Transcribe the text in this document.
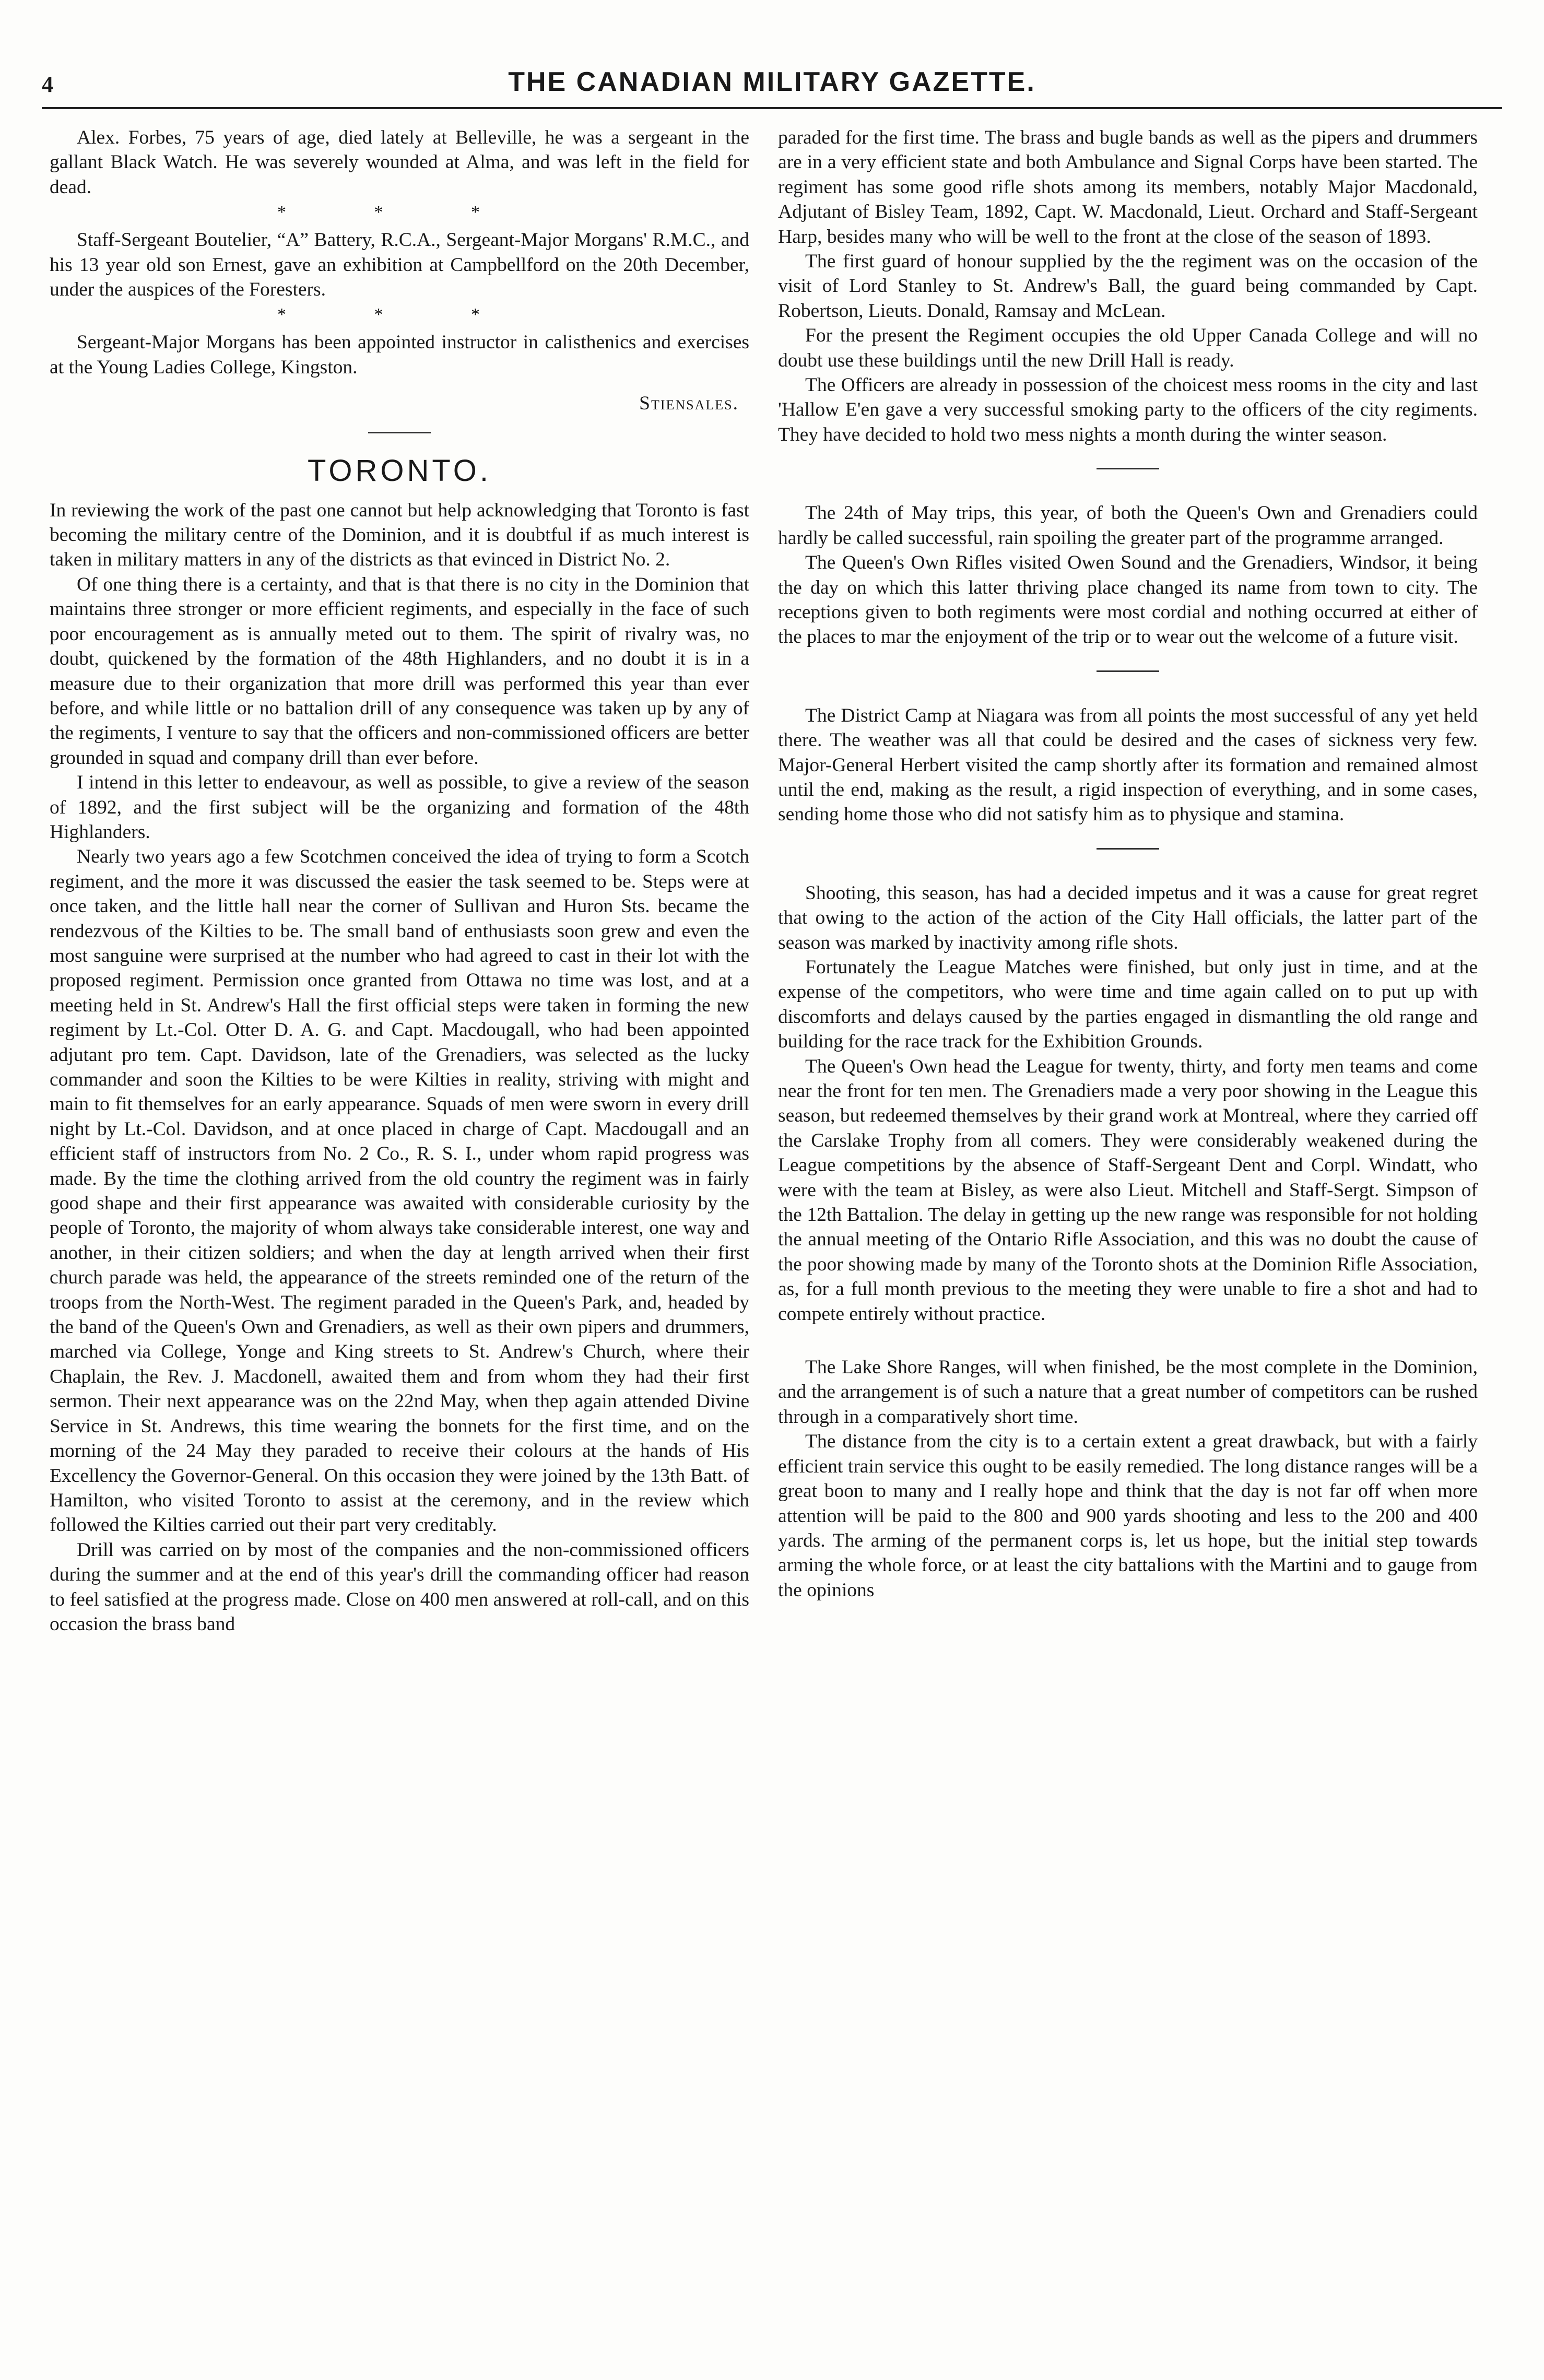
4	THE CANADIAN MILITARY GAZETTE.

Alex. Forbes, 75 years of age, died lately at Belleville, he was a sergeant in the gallant Black Watch. He was severely wounded at Alma, and was left in the field for dead.

* * *

Staff-Sergeant Boutelier, “A” Battery, R.C.A., Sergeant-Major Morgans' R.M.C., and his 13 year old son Ernest, gave an exhibition at Campbellford on the 20th December, under the auspices of the Foresters.

* * *

Sergeant-Major Morgans has been appointed instructor in calisthenics and exercises at the Young Ladies College, Kingston.

Stiensales.
TORONTO.

In reviewing the work of the past one cannot but help acknowledging that Toronto is fast becoming the military centre of the Dominion, and it is doubtful if as much interest is taken in military matters in any of the districts as that evinced in District No. 2.

Of one thing there is a certainty, and that is that there is no city in the Dominion that maintains three stronger or more efficient regiments, and especially in the face of such poor encouragement as is annually meted out to them. The spirit of rivalry was, no doubt, quickened by the formation of the 48th Highlanders, and no doubt it is in a measure due to their organization that more drill was performed this year than ever before, and while little or no battalion drill of any consequence was taken up by any of the regiments, I venture to say that the officers and non-commissioned officers are better grounded in squad and company drill than ever before.

I intend in this letter to endeavour, as well as possible, to give a review of the season of 1892, and the first subject will be the organizing and formation of the 48th Highlanders.

Nearly two years ago a few Scotchmen conceived the idea of trying to form a Scotch regiment, and the more it was discussed the easier the task seemed to be. Steps were at once taken, and the little hall near the corner of Sullivan and Huron Sts. became the rendezvous of the Kilties to be. The small band of enthusiasts soon grew and even the most sanguine were surprised at the number who had agreed to cast in their lot with the proposed regiment. Permission once granted from Ottawa no time was lost, and at a meeting held in St. Andrew's Hall the first official steps were taken in forming the new regiment by Lt.-Col. Otter D. A. G. and Capt. Macdougall, who had been appointed adjutant pro tem. Capt. Davidson, late of the Grenadiers, was selected as the lucky commander and soon the Kilties to be were Kilties in reality, striving with might and main to fit themselves for an early appearance. Squads of men were sworn in every drill night by Lt.-Col. Davidson, and at once placed in charge of Capt. Macdougall and an efficient staff of instructors from No. 2 Co., R. S. I., under whom rapid progress was made. By the time the clothing arrived from the old country the regiment was in fairly good shape and their first appearance was awaited with considerable curiosity by the people of Toronto, the majority of whom always take considerable interest, one way and another, in their citizen soldiers; and when the day at length arrived when their first church parade was held, the appearance of the streets reminded one of the return of the troops from the North-West. The regiment paraded in the Queen's Park, and, headed by the band of the Queen's Own and Grenadiers, as well as their own pipers and drummers, marched via College, Yonge and King streets to St. Andrew's Church, where their Chaplain, the Rev. J. Macdonell, awaited them and from whom they had their first sermon. Their next appearance was on the 22nd May, when thep again attended Divine Service in St. Andrews, this time wearing the bonnets for the first time, and on the morning of the 24 May they paraded to receive their colours at the hands of His Excellency the Governor-General. On this occasion they were joined by the 13th Batt. of Hamilton, who visited Toronto to assist at the ceremony, and in the review which followed the Kilties carried out their part very creditably.

Drill was carried on by most of the companies and the non-commissioned officers during the summer and at the end of this year's drill the commanding officer had reason to feel satisfied at the progress made. Close on 400 men answered at roll-call, and on this occasion the brass band

paraded for the first time. The brass and bugle bands as well as the pipers and drummers are in a very efficient state and both Ambulance and Signal Corps have been started. The regiment has some good rifle shots among its members, notably Major Macdonald, Adjutant of Bisley Team, 1892, Capt. W. Macdonald, Lieut. Orchard and Staff-Sergeant Harp, besides many who will be well to the front at the close of the season of 1893.

The first guard of honour supplied by the the regiment was on the occasion of the visit of Lord Stanley to St. Andrew's Ball, the guard being commanded by Capt. Robertson, Lieuts. Donald, Ramsay and McLean.

For the present the Regiment occupies the old Upper Canada College and will no doubt use these buildings until the new Drill Hall is ready.

The Officers are already in possession of the choicest mess rooms in the city and last 'Hallow E'en gave a very successful smoking party to the officers of the city regiments. They have decided to hold two mess nights a month during the winter season.

The 24th of May trips, this year, of both the Queen's Own and Grenadiers could hardly be called successful, rain spoiling the greater part of the programme arranged.

The Queen's Own Rifles visited Owen Sound and the Grenadiers, Windsor, it being the day on which this latter thriving place changed its name from town to city. The receptions given to both regiments were most cordial and nothing occurred at either of the places to mar the enjoyment of the trip or to wear out the welcome of a future visit.

The District Camp at Niagara was from all points the most successful of any yet held there. The weather was all that could be desired and the cases of sickness very few. Major-General Herbert visited the camp shortly after its formation and remained almost until the end, making as the result, a rigid inspection of everything, and in some cases, sending home those who did not satisfy him as to physique and stamina.

Shooting, this season, has had a decided impetus and it was a cause for great regret that owing to the action of the action of the City Hall officials, the latter part of the season was marked by inactivity among rifle shots.

Fortunately the League Matches were finished, but only just in time, and at the expense of the competitors, who were time and time again called on to put up with discomforts and delays caused by the parties engaged in dismantling the old range and building for the race track for the Exhibition Grounds.

The Queen's Own head the League for twenty, thirty, and forty men teams and come near the front for ten men. The Grenadiers made a very poor showing in the League this season, but redeemed themselves by their grand work at Montreal, where they carried off the Carslake Trophy from all comers. They were considerably weakened during the League competitions by the absence of Staff-Sergeant Dent and Corpl. Windatt, who were with the team at Bisley, as were also Lieut. Mitchell and Staff-Sergt. Simpson of the 12th Battalion. The delay in getting up the new range was responsible for not holding the annual meeting of the Ontario Rifle Association, and this was no doubt the cause of the poor showing made by many of the Toronto shots at the Dominion Rifle Association, as, for a full month previous to the meeting they were unable to fire a shot and had to compete entirely without practice.

The Lake Shore Ranges, will when finished, be the most complete in the Dominion, and the arrangement is of such a nature that a great number of competitors can be rushed through in a comparatively short time.

The distance from the city is to a certain extent a great drawback, but with a fairly efficient train service this ought to be easily remedied. The long distance ranges will be a great boon to many and I really hope and think that the day is not far off when more attention will be paid to the 800 and 900 yards shooting and less to the 200 and 400 yards. The arming of the permanent corps is, let us hope, but the initial step towards arming the whole force, or at least the city battalions with the Martini and to gauge from the opinions
